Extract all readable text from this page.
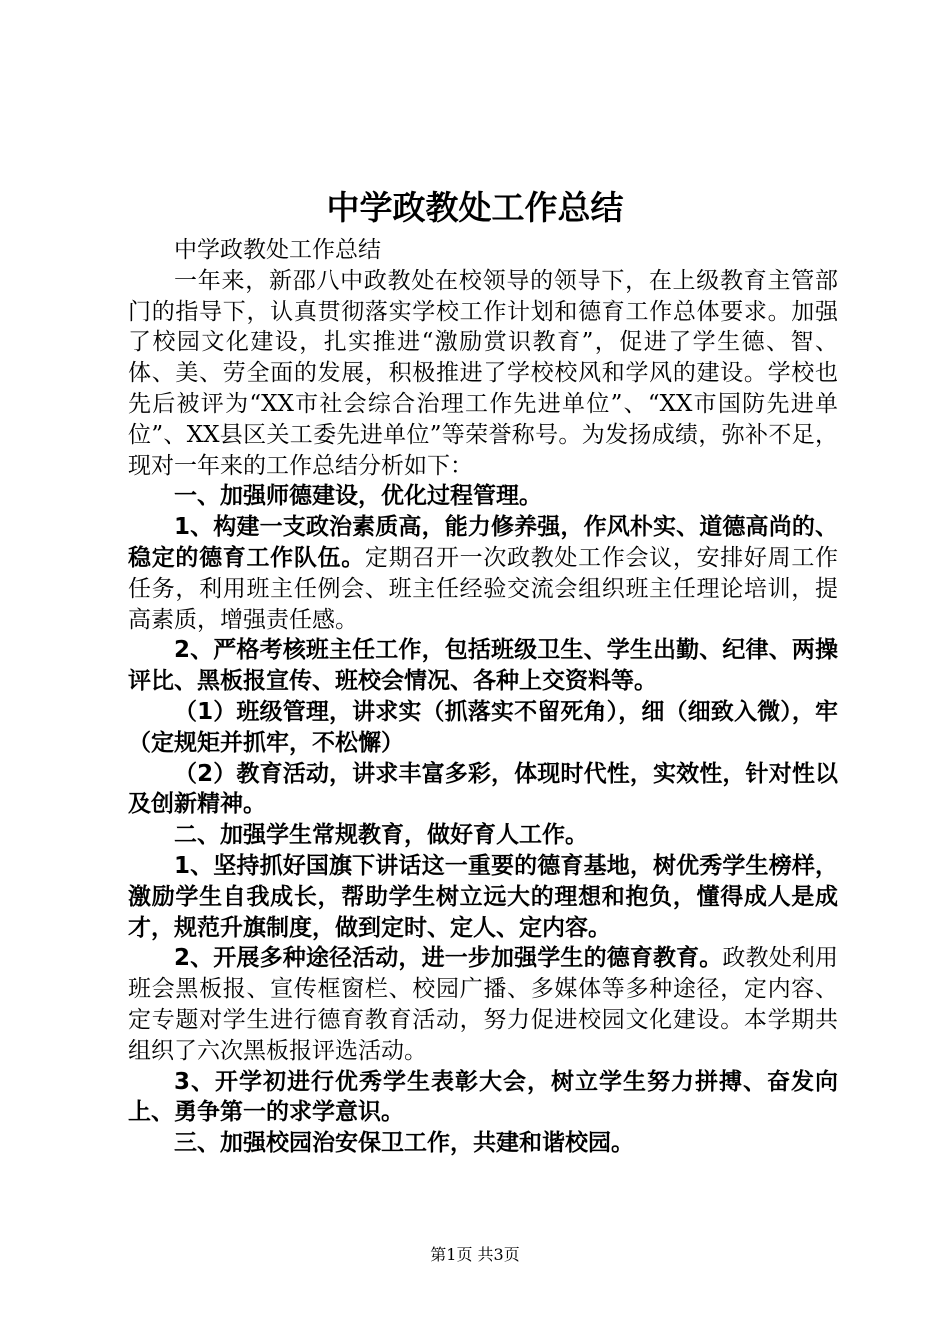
中学政教处工作总结

中学政教处工作总结

一年来，新邵八中政教处在校领导的领导下，在上级教育主管部门的指导下，认真贯彻落实学校工作计划和德育工作总体要求。加强了校园文化建设，扎实推进“激励赏识教育”，促进了学生德、智、体、美、劳全面的发展，积极推进了学校校风和学风的建设。学校也先后被评为“XX市社会综合治理工作先进单位”、“XX市国防先进单位”、XX县区关工委先进单位”等荣誉称号。为发扬成绩，弥补不足，现对一年来的工作总结分析如下：

一、加强师德建设，优化过程管理。

1、构建一支政治素质高，能力修养强，作风朴实、道德高尚的、稳定的德育工作队伍。定期召开一次政教处工作会议，安排好周工作任务，利用班主任例会、班主任经验交流会组织班主任理论培训，提高素质，增强责任感。

2、严格考核班主任工作，包括班级卫生、学生出勤、纪律、两操评比、黑板报宣传、班校会情况、各种上交资料等。

（1）班级管理，讲求实（抓落实不留死角），细（细致入微），牢（定规矩并抓牢，不松懈）

（2）教育活动，讲求丰富多彩，体现时代性，实效性，针对性以及创新精神。

二、加强学生常规教育，做好育人工作。

1、坚持抓好国旗下讲话这一重要的德育基地，树优秀学生榜样，激励学生自我成长，帮助学生树立远大的理想和抱负，懂得成人是成才，规范升旗制度，做到定时、定人、定内容。

2、开展多种途径活动，进一步加强学生的德育教育。政教处利用班会黑板报、宣传框窗栏、校园广播、多媒体等多种途径，定内容、定专题对学生进行德育教育活动，努力促进校园文化建设。本学期共组织了六次黑板报评选活动。

3、开学初进行优秀学生表彰大会，树立学生努力拼搏、奋发向上、勇争第一的求学意识。

三、加强校园治安保卫工作，共建和谐校园。

第1页 共3页
